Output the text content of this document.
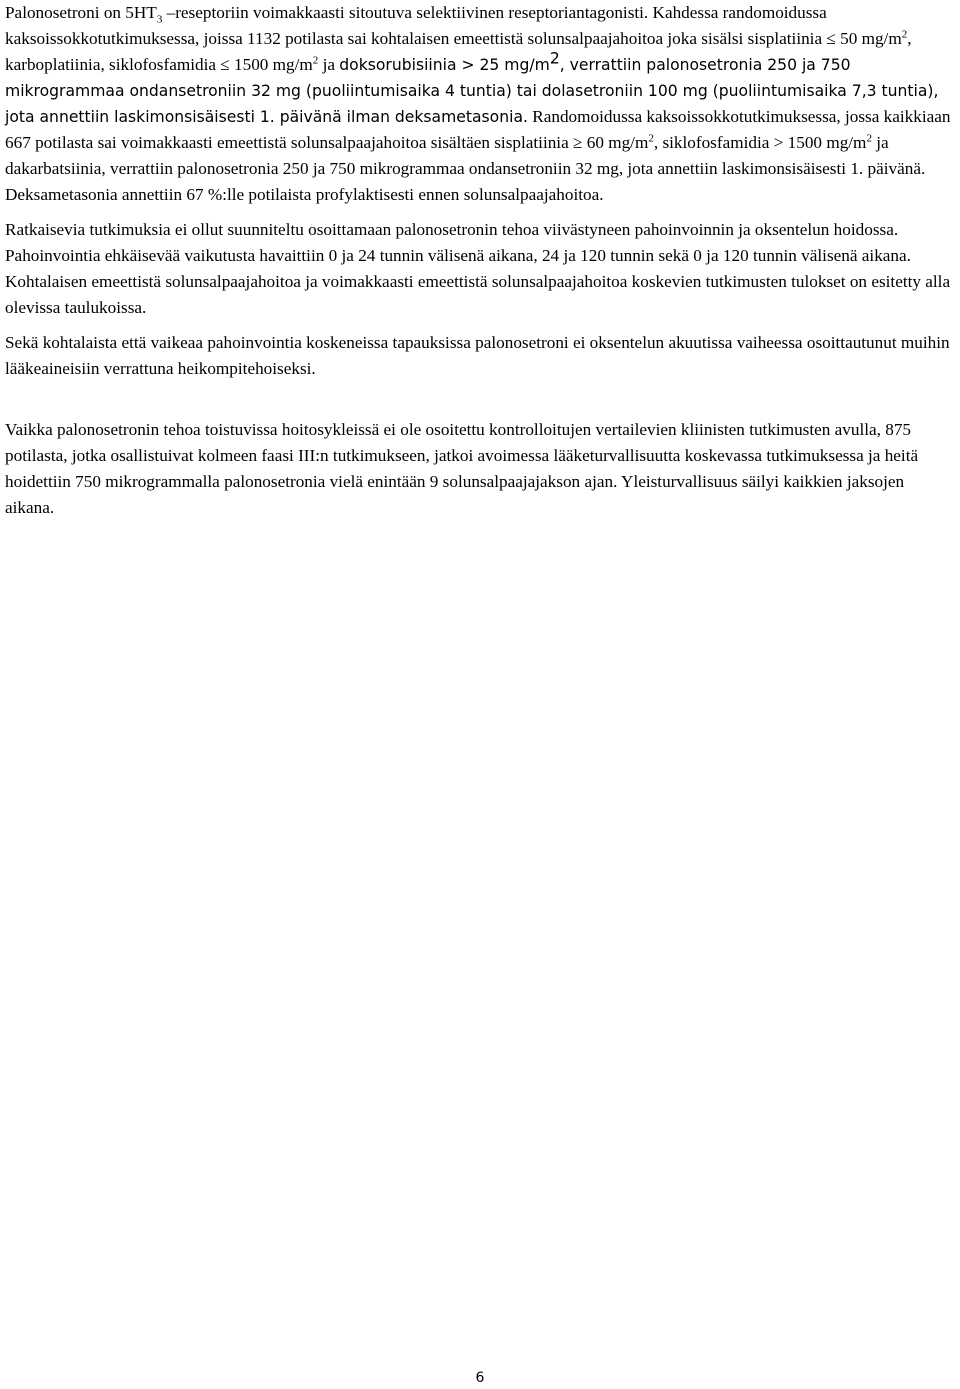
Palonosetroni on $5HT_3$ –reseptoriin voimakkaasti sitoutuva selektiivinen reseptoriantagonisti. Kahdessa randomoidussa kaksoissokkotutkimuksessa, joissa 1132 potilasta sai kohtalaisen emeettistä solunsalpaajahoitoa joka sisälsi sisplatiinia ≤ 50 $mg/m^2$, karboplatiinia, siklofosfamidia ≤ 1500 $mg/m^2$ ja doksorubisiinia > 25 $mg/m^2$, verrattiin palonosetronia 250 ja 750 mikrogrammaa ondansetroniin 32 mg (puoliintumisaika 4 tuntia) tai dolasetroniin 100 mg (puoliintumisaika 7,3 tuntia), jota annettiin laskimonsisäisesti 1. päivänä ilman deksametasonia. Randomoidussa kaksoissokkotutkimuksessa, jossa kaikkiaan 667 potilasta sai voimakkaasti emeettistä solunsalpaajahoitoa sisältäen sisplatiinia ≥ 60 $mg/m^2$, siklofosfamidia > 1500 $mg/m^2$ ja dakarbatsiinia, verrattiin palonosetronia 250 ja 750 mikrogrammaa ondansetroniin 32 mg, jota annettiin laskimonsisäisesti 1. päivänä. Deksametasonia annettiin 67 %:lle potilaista profylaktisesti ennen solunsalpaajahoitoa.

Ratkaisevia tutkimuksia ei ollut suunniteltu osoittamaan palonosetronin tehoa viivästyneen pahoinvoinnin ja oksentelun hoidossa. Pahoinvointia ehkäisevää vaikutusta havaittiin 0 ja 24 tunnin välisenä aikana, 24 ja 120 tunnin sekä 0 ja 120 tunnin välisenä aikana. Kohtalaisen emeettistä solunsalpaajahoitoa ja voimakkaasti emeettistä solunsalpaajahoitoa koskevien tutkimusten tulokset on esitetty alla olevissa taulukoissa.

Sekä kohtalaista että vaikeaa pahoinvointia koskeneissa tapauksissa palonosetroni ei oksentelun akuutissa vaiheessa osoittautunut muihin lääkeaineisiin verrattuna heikompitehoiseksi.

Vaikka palonosetronin tehoa toistuvissa hoitosykleissä ei ole osoitettu kontrolloitujen vertailevien kliinisten tutkimusten avulla, 875 potilasta, jotka osallistuivat kolmeen faasi III:n tutkimukseen, jatkoi avoimessa lääketurvallisuutta koskevassa tutkimuksessa ja heitä hoidettiin 750 mikrogrammalla palonosetronia vielä enintään 9 solunsalpaajajakson ajan. Yleisturvallisuus säilyi kaikkien jaksojen aikana.

6
